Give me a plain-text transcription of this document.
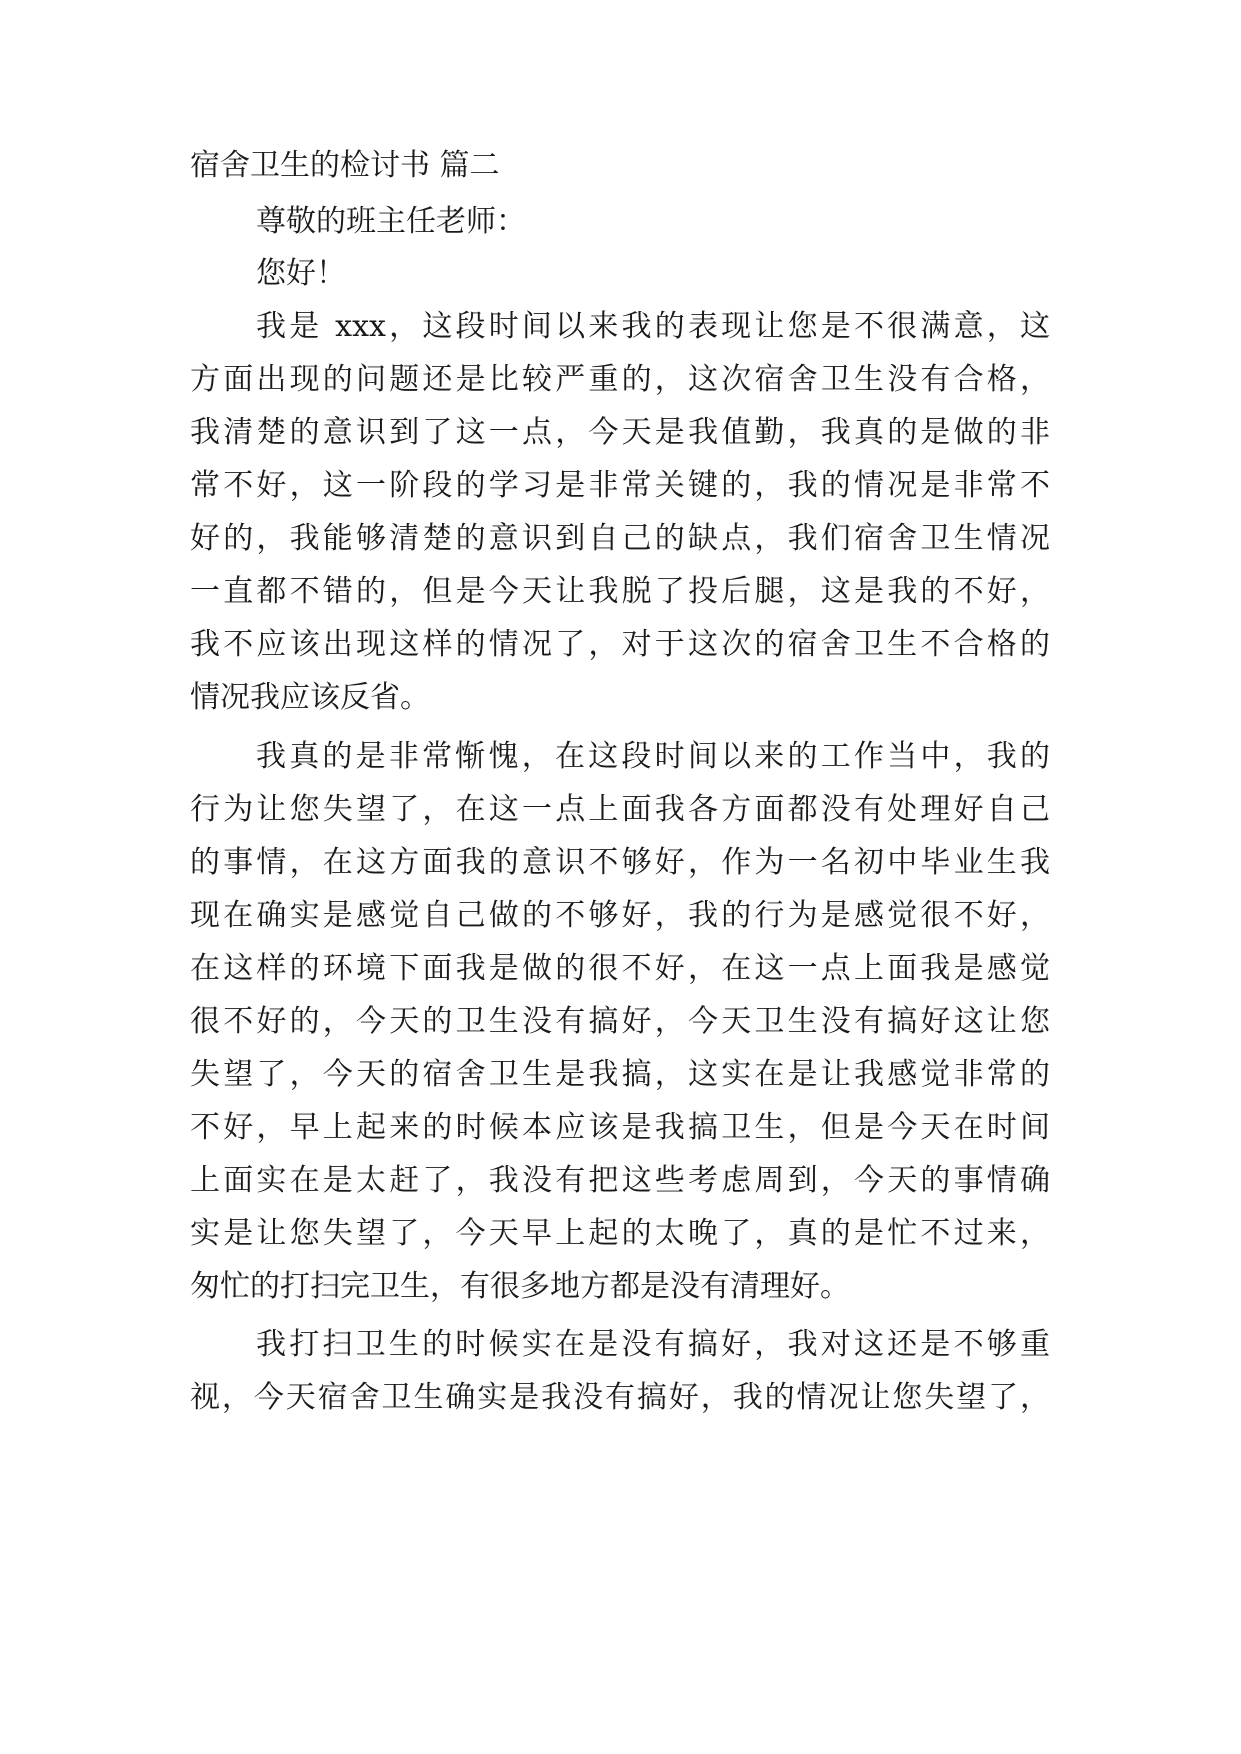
宿舍卫生的检讨书 篇二
尊敬的班主任老师：
您好！
我是 xxx，这段时间以来我的表现让您是不很满意，这
方面出现的问题还是比较严重的，这次宿舍卫生没有合格，
我清楚的意识到了这一点，今天是我值勤，我真的是做的非
常不好，这一阶段的学习是非常关键的，我的情况是非常不
好的，我能够清楚的意识到自己的缺点，我们宿舍卫生情况
一直都不错的，但是今天让我脱了投后腿，这是我的不好，
我不应该出现这样的情况了，对于这次的宿舍卫生不合格的
情况我应该反省。
我真的是非常惭愧，在这段时间以来的工作当中，我的
行为让您失望了，在这一点上面我各方面都没有处理好自己
的事情，在这方面我的意识不够好，作为一名初中毕业生我
现在确实是感觉自己做的不够好，我的行为是感觉很不好，
在这样的环境下面我是做的很不好，在这一点上面我是感觉
很不好的，今天的卫生没有搞好，今天卫生没有搞好这让您
失望了，今天的宿舍卫生是我搞，这实在是让我感觉非常的
不好，早上起来的时候本应该是我搞卫生，但是今天在时间
上面实在是太赶了，我没有把这些考虑周到，今天的事情确
实是让您失望了，今天早上起的太晚了，真的是忙不过来，
匆忙的打扫完卫生，有很多地方都是没有清理好。
我打扫卫生的时候实在是没有搞好，我对这还是不够重
视，今天宿舍卫生确实是我没有搞好，我的情况让您失望了，
